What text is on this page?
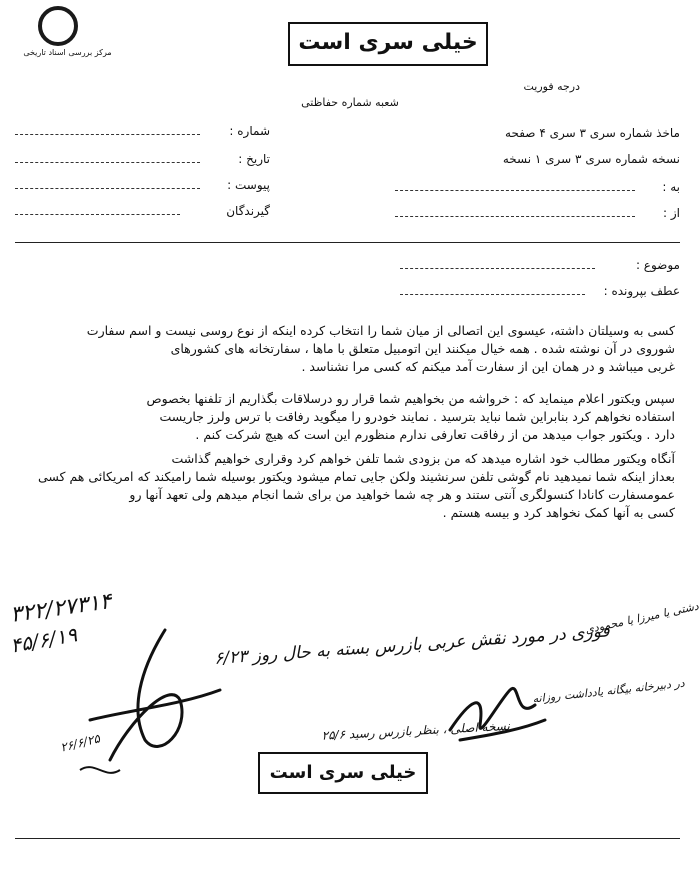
مرکز بررسی اسناد تاریخی	خیلی سری است
درجه فوریت
شعبه شماره حفاظتی
ماخذ شماره سری ۳ سری ۴ صفحه
نسخه شماره سری ۳ سری ۱ نسخه
به :
از :
شماره :
تاریخ :
پیوست :
گیرندگان
موضوع :
عطف بپرونده :
کسی به وسیلتان داشته، عیسوی این اتصالی از میان شما را انتخاب کرده اینکه از نوع روسی نیست و اسم سفارت
شوروی در آن نوشته شده . همه خیال میکنند این اتومبیل متعلق با ماها ، سفارتخانه های کشورهای
غربی میباشد و در همان این از سفارت آمد میکنم که کسی مرا نشناسد .
سپس ویکتور اعلام مینماید که : خرواشه من بخواهیم شما قرار رو درسلاقات بگذاریم از تلفنها بخصوص
استفاده نخواهم کرد بنابراین شما نباید بترسید . نمایند خودرو را میگوید رفاقت با ترس ولرز جاریست
دارد . ویکتور جواب میدهد من از رفاقت تعارفی ندارم منظورم این است که هیچ شرکت کنم .
آنگاه ویکتور مطالب خود اشاره میدهد که من بزودی شما تلفن خواهم کرد وقراری خواهیم گذاشت
بعداز اینکه شما نمیدهید نام گوشی تلفن سرنشیند ولکن جایی تمام میشود ویکتور بوسیله شما رامیکند که امریکائی هم کسی
عمومسفارت کانادا کنسولگری آنتی ستند و هر چه شما خواهید من برای شما انجام میدهم ولی تعهد آنها رو
کسی به آنها کمک نخواهد کرد و بیسه هستم .
۳۲۲/۲۷۳۱۴
۴۵/۶/۱۹
فوری در مورد نقش عربی بازرس بسته به حال روز ۶/۲۳
دشتی یا میرزا یا محمودی
نسخه اصلی ، بنظر بازرس رسید ۲۵/۶
در دبیرخانه بیگانه یادداشت روزانه
۲۶/۶/۲۵
خیلی سری است
